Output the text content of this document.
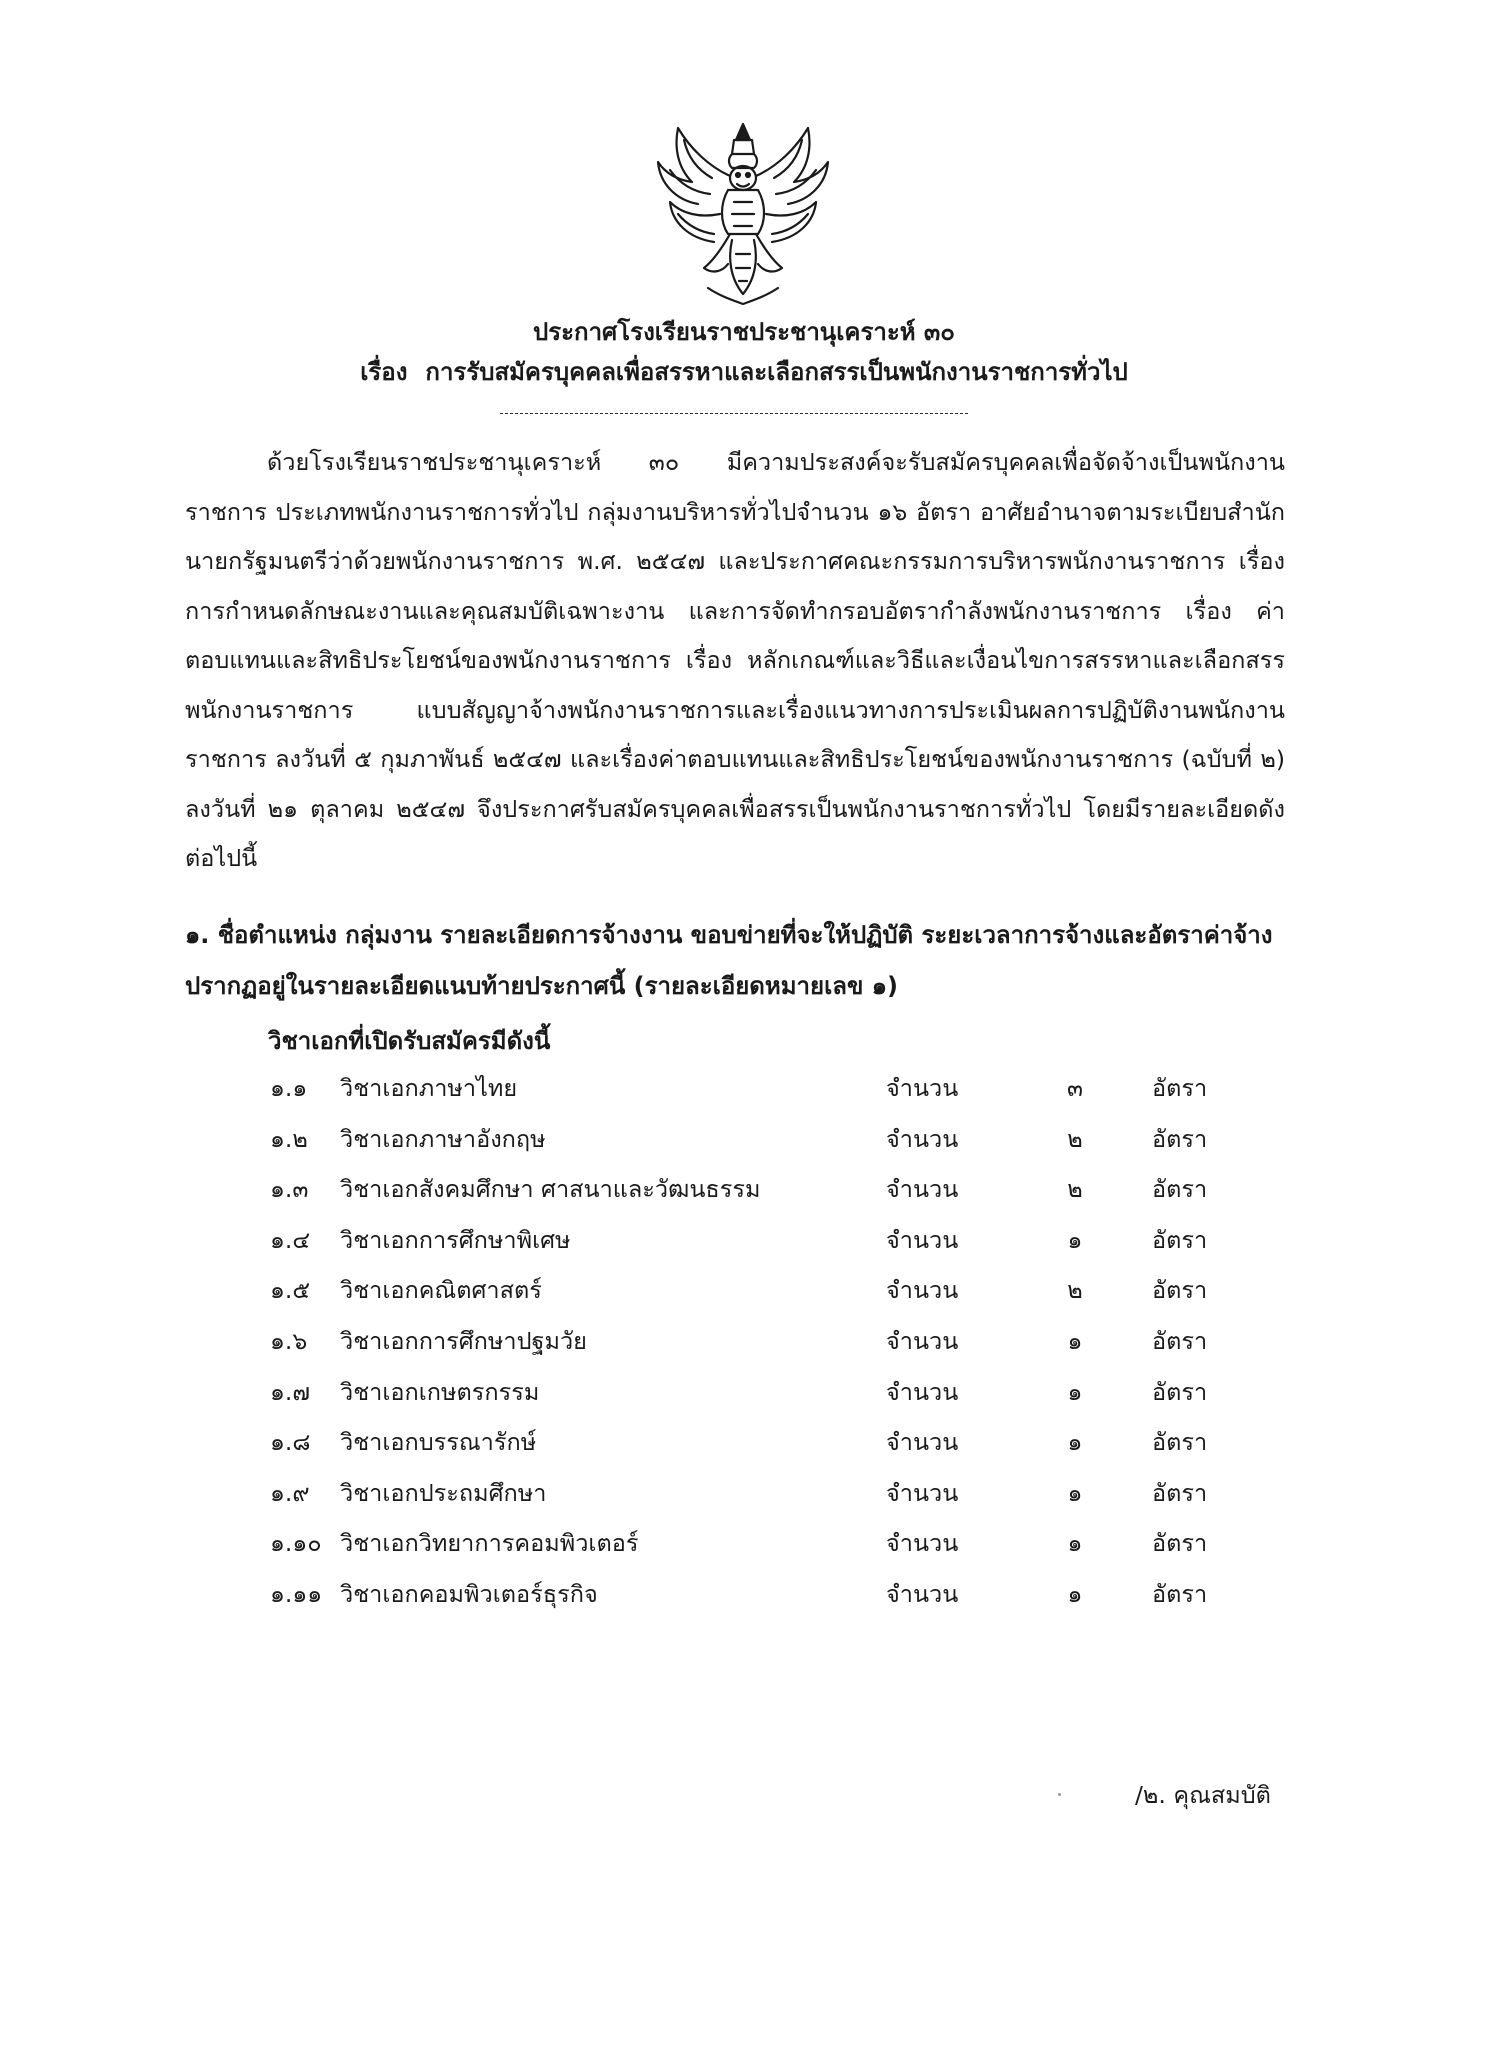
ประกาศโรงเรียนราชประชานุเคราะห์ ๓๐
เรื่อง การรับสมัครบุคคลเพื่อสรรหาและเลือกสรรเป็นพนักงานราชการทั่วไป

ด้วยโรงเรียนราชประชานุเคราะห์ ๓๐ มีความประสงค์จะรับสมัครบุคคลเพื่อจัดจ้างเป็นพนักงานราชการ ประเภทพนักงานราชการทั่วไป กลุ่มงานบริหารทั่วไปจำนวน ๑๖ อัตรา อาศัยอำนาจตามระเบียบสำนักนายกรัฐมนตรีว่าด้วยพนักงานราชการ พ.ศ. ๒๕๔๗ และประกาศคณะกรรมการบริหารพนักงานราชการ เรื่อง การกำหนดลักษณะงานและคุณสมบัติเฉพาะงาน และการจัดทำกรอบอัตรากำลังพนักงานราชการ เรื่อง ค่าตอบแทนและสิทธิประโยชน์ของพนักงานราชการ เรื่อง หลักเกณฑ์และวิธีและเงื่อนไขการสรรหาและเลือกสรรพนักงานราชการ แบบสัญญาจ้างพนักงานราชการและเรื่องแนวทางการประเมินผลการปฏิบัติงานพนักงานราชการ ลงวันที่ ๕ กุมภาพันธ์ ๒๕๔๗ และเรื่องค่าตอบแทนและสิทธิประโยชน์ของพนักงานราชการ (ฉบับที่ ๒) ลงวันที่ ๒๑ ตุลาคม ๒๕๔๗ จึงประกาศรับสมัครบุคคลเพื่อสรรเป็นพนักงานราชการทั่วไป โดยมีรายละเอียดดังต่อไปนี้

๑. ชื่อตำแหน่ง กลุ่มงาน รายละเอียดการจ้างงาน ขอบข่ายที่จะให้ปฏิบัติ ระยะเวลาการจ้างและอัตราค่าจ้าง ปรากฏอยู่ในรายละเอียดแนบท้ายประกาศนี้ (รายละเอียดหมายเลข ๑)

วิชาเอกที่เปิดรับสมัครมีดังนี้
๑.๑ วิชาเอกภาษาไทย	จำนวน	๓	อัตรา
๑.๒ วิชาเอกภาษาอังกฤษ	จำนวน	๒	อัตรา
๑.๓ วิชาเอกสังคมศึกษา ศาสนาและวัฒนธรรม	จำนวน	๒	อัตรา
๑.๔ วิชาเอกการศึกษาพิเศษ	จำนวน	๑	อัตรา
๑.๕ วิชาเอกคณิตศาสตร์	จำนวน	๒	อัตรา
๑.๖ วิชาเอกการศึกษาปฐมวัย	จำนวน	๑	อัตรา
๑.๗ วิชาเอกเกษตรกรรม	จำนวน	๑	อัตรา
๑.๘ วิชาเอกบรรณารักษ์	จำนวน	๑	อัตรา
๑.๙ วิชาเอกประถมศึกษา	จำนวน	๑	อัตรา
๑.๑๐ วิชาเอกวิทยาการคอมพิวเตอร์	จำนวน	๑	อัตรา
๑.๑๑ วิชาเอกคอมพิวเตอร์ธุรกิจ	จำนวน	๑	อัตรา
/๒. คุณสมบัติ
